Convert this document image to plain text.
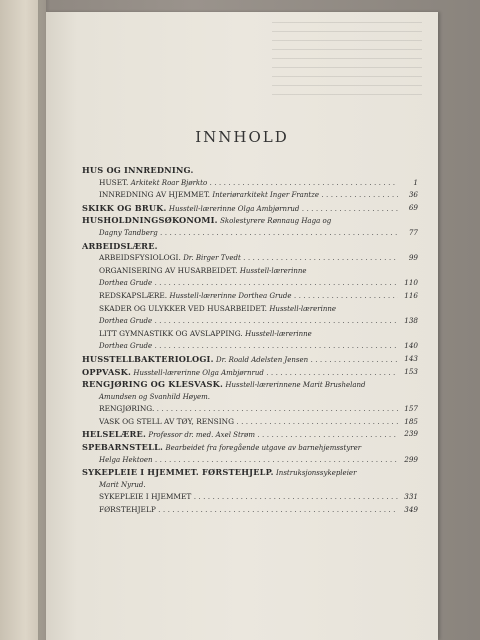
INNHOLD
HUS OG INNREDNING.
HUSET. Arkitekt Roar Bjørkto . . .	1
INNREDNING AV HJEMMET. Interiørarkitekt Inger Frantze . . .	36
SKIKK OG BRUK. Husstell-lærerinne Olga Ambjørnrud . . .	69
HUSHOLDNINGSØKONOMI. Skolestyrere Rønnaug Haga og
Dagny Tandberg . . .	77
ARBEIDSLÆRE.
ARBEIDSFYSIOLOGI. Dr. Birger Tvedt . . .	99
ORGANISERING AV HUSARBEIDET. Husstell-lærerinne
Dorthea Grude . . .	110
REDSKAPSLÆRE. Husstell-lærerinne Dorthea Grude . . .	116
SKADER OG ULYKKER VED HUSARBEIDET. Husstell-lærerinne
Dorthea Grude . . .	138
LITT GYMNASTIKK OG AVSLAPPING. Husstell-lærerinne
Dorthea Grude . . .	140
HUSSTELLBAKTERIOLOGI. Dr. Roald Adelsten Jensen . . .	143
OPPVASK. Husstell-lærerinne Olga Ambjørnrud . . .	153
RENGJØRING OG KLESVASK. Husstell-lærerinnene Marit Brusheland
Amundsen og Svanhild Høyem.
RENGJØRING. . . .	157
VASK OG STELL AV TØY, RENSING . . .	185
HELSELÆRE. Professor dr. med. Axel Strøm . . .	239
SPEBARNSTELL. Bearbeidet fra foregående utgave av barnehjemsstyrer
Helga Hektoen . . .	299
SYKEPLEIE I HJEMMET. FØRSTEHJELP. Instruksjonssykepleier
Marit Nyrud.
SYKEPLEIE I HJEMMET . . .	331
FØRSTEHJELP . . .	349
